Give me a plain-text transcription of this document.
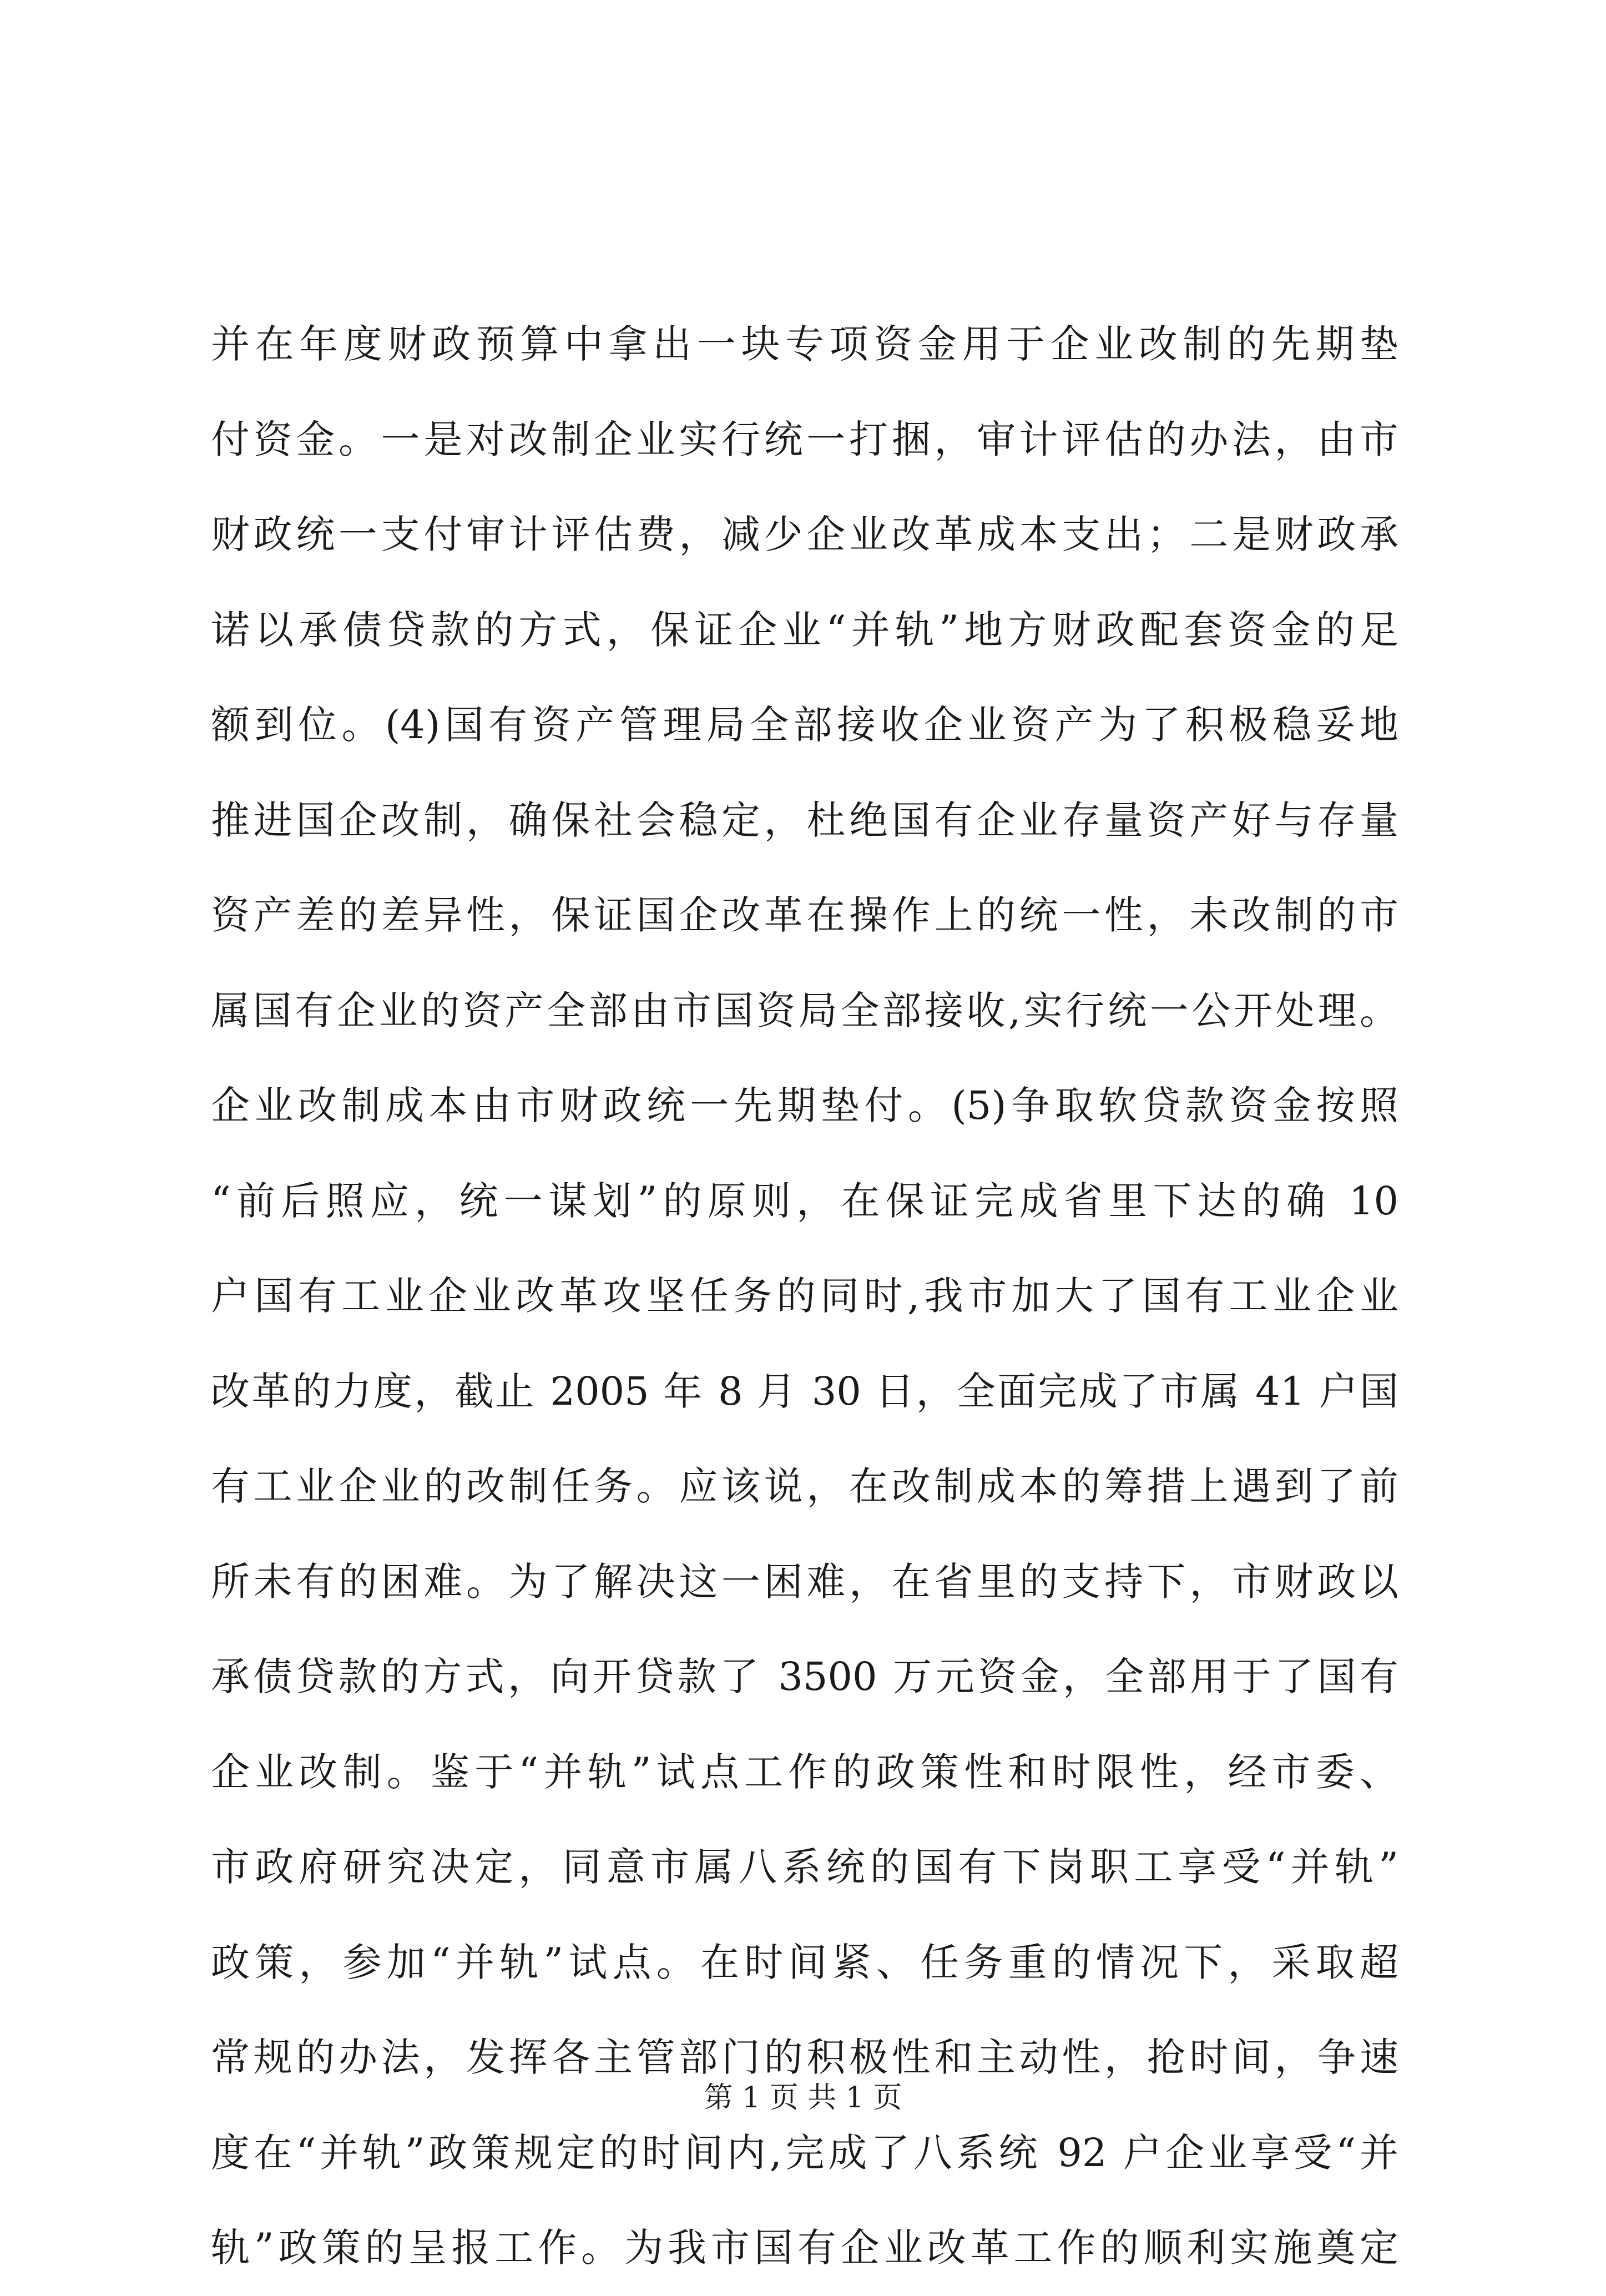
并在年度财政预算中拿出一块专项资金用于企业改制的先期垫
付资金。一是对改制企业实行统一打捆，审计评估的办法，由市
财政统一支付审计评估费，减少企业改革成本支出；二是财政承
诺以承债贷款的方式，保证企业“并轨”地方财政配套资金的足
额到位。(4)国有资产管理局全部接收企业资产为了积极稳妥地
推进国企改制，确保社会稳定，杜绝国有企业存量资产好与存量
资产差的差异性，保证国企改革在操作上的统一性，未改制的市
属国有企业的资产全部由市国资局全部接收,实行统一公开处理。
企业改制成本由市财政统一先期垫付。(5)争取软贷款资金按照
“前后照应，统一谋划”的原则，在保证完成省里下达的确 10
户国有工业企业改革攻坚任务的同时,我市加大了国有工业企业
改革的力度，截止 2005 年 8 月 30 日，全面完成了市属 41 户国
有工业企业的改制任务。应该说，在改制成本的筹措上遇到了前
所未有的困难。为了解决这一困难，在省里的支持下，市财政以
承债贷款的方式，向开贷款了 3500 万元资金，全部用于了国有
企业改制。鉴于“并轨”试点工作的政策性和时限性，经市委、
市政府研究决定，同意市属八系统的国有下岗职工享受“并轨”
政策，参加“并轨”试点。在时间紧、任务重的情况下，采取超
常规的办法，发挥各主管部门的积极性和主动性，抢时间，争速
度在“并轨”政策规定的时间内,完成了八系统 92 户企业享受“并
轨”政策的呈报工作。为我市国有企业改革工作的顺利实施奠定
第 1 页 共 1 页
